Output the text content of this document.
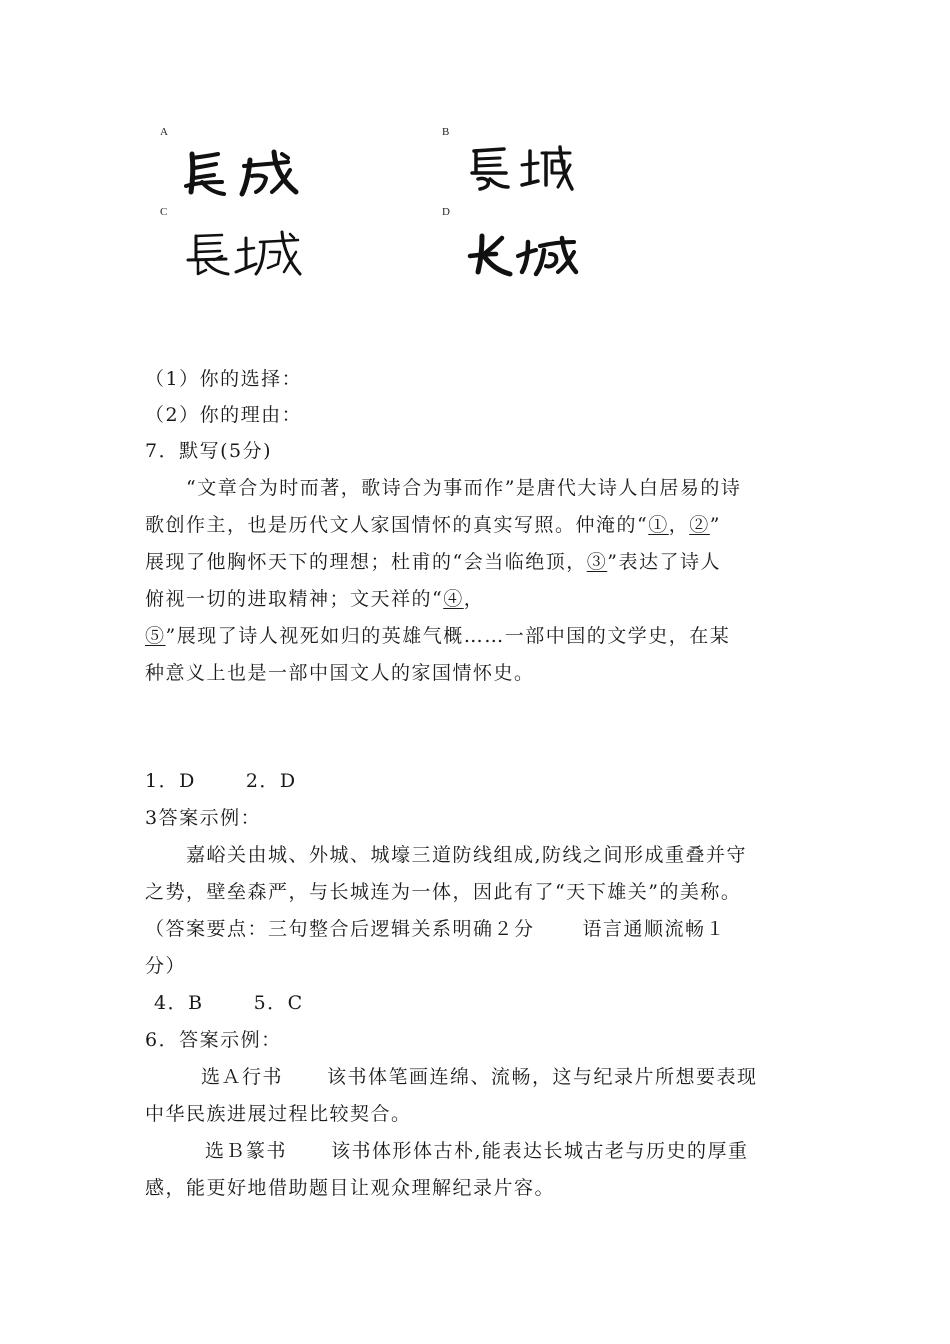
A	B
C	D
（1）你的选择：
（2）你的理由：
7．默写(5分)
“文章合为时而著，歌诗合为事而作”是唐代大诗人白居易的诗
歌创作主，也是历代文人家国情怀的真实写照。仲淹的“①，②”
展现了他胸怀天下的理想；杜甫的“会当临绝顶，③”表达了诗人
俯视一切的进取精神；文天祥的“④，
⑤”展现了诗人视死如归的英雄气概……一部中国的文学史，在某
种意义上也是一部中国文人的家国情怀史。
1．D	2．D
3答案示例：
嘉峪关由城、外城、城壕三道防线组成,防线之间形成重叠并守
之势，壁垒森严，与长城连为一体，因此有了“天下雄关”的美称。
（答案要点：三句整合后逻辑关系明确２分	语言通顺流畅１
分）
4．B	5．C
6．答案示例：
选Ａ行书 该书体笔画连绵、流畅，这与纪录片所想要表现
中华民族进展过程比较契合。
选Ｂ篆书 该书体形体古朴,能表达长城古老与历史的厚重
感，能更好地借助题目让观众理解纪录片容。
